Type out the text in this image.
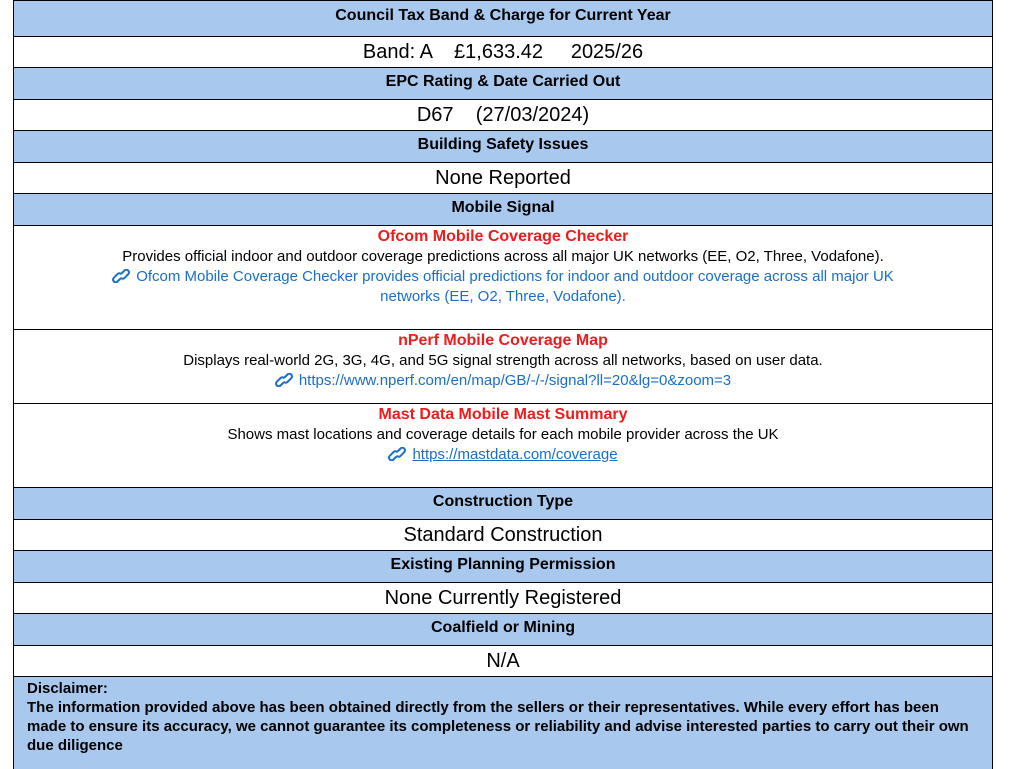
Council Tax Band & Charge for Current Year
Band: A    £1,633.42     2025/26
EPC Rating & Date Carried Out
D67    (27/03/2024)
Building Safety Issues
None Reported
Mobile Signal
Ofcom Mobile Coverage Checker
Provides official indoor and outdoor coverage predictions across all major UK networks (EE, O2, Three, Vodafone).
Ofcom Mobile Coverage Checker provides official predictions for indoor and outdoor coverage across all major UK
networks (EE, O2, Three, Vodafone).
nPerf Mobile Coverage Map
Displays real-world 2G, 3G, 4G, and 5G signal strength across all networks, based on user data.
https://www.nperf.com/en/map/GB/-/-/signal?ll=20&lg=0&zoom=3
Mast Data Mobile Mast Summary
Shows mast locations and coverage details for each mobile provider across the UK
https://mastdata.com/coverage
Construction Type
Standard Construction
Existing Planning Permission
None Currently Registered
Coalfield or Mining
N/A
Disclaimer:
The information provided above has been obtained directly from the sellers or their representatives. While every effort has been made to ensure its accuracy, we cannot guarantee its completeness or reliability and advise interested parties to carry out their own due diligence
